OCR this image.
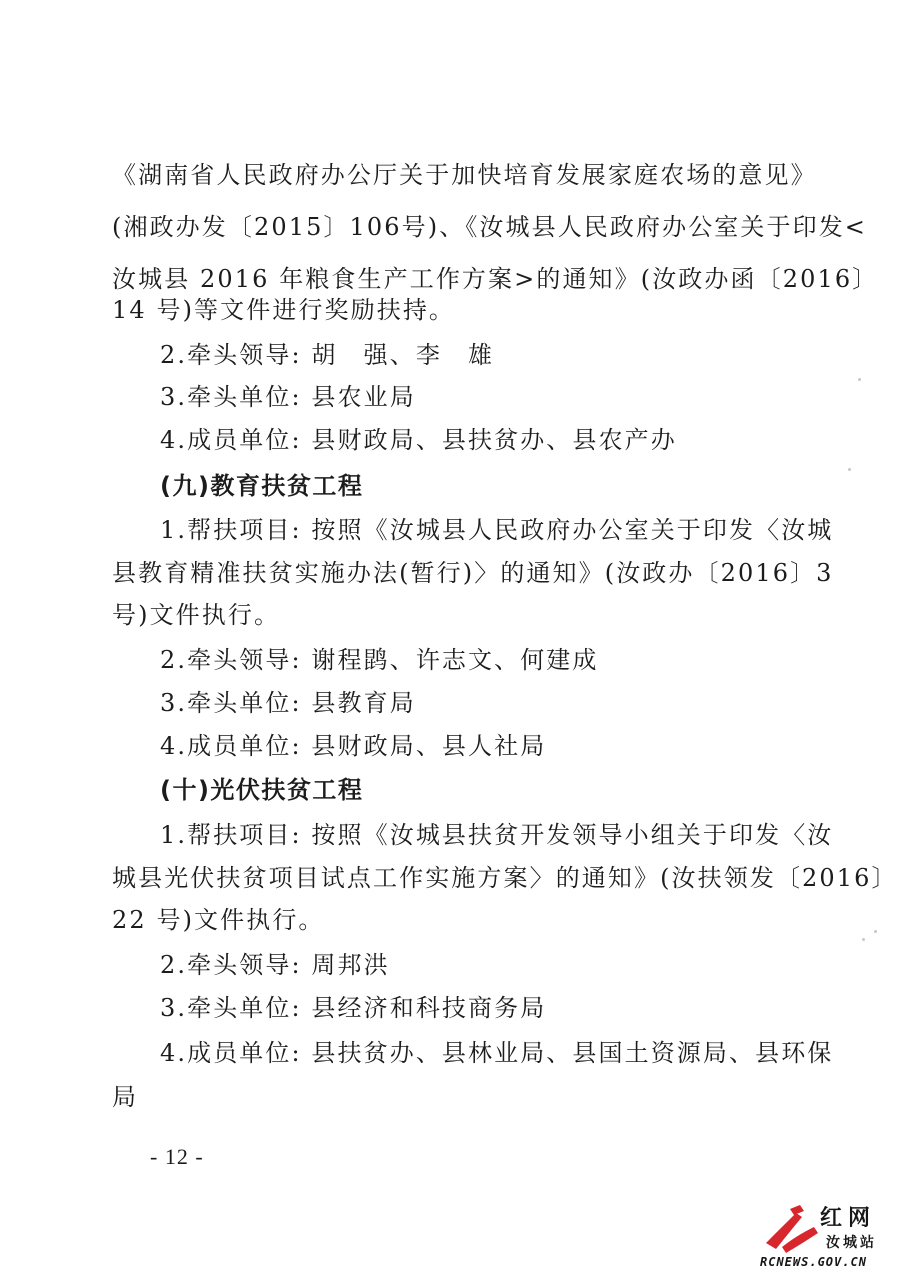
《湖南省人民政府办公厅关于加快培育发展家庭农场的意见》
(湘政办发〔2015〕106号)、《汝城县人民政府办公室关于印发<
汝城县 2016 年粮食生产工作方案>的通知》(汝政办函〔2016〕
14 号)等文件进行奖励扶持。
2.牵头领导: 胡　强、李　雄
3.牵头单位: 县农业局
4.成员单位: 县财政局、县扶贫办、县农产办
(九)教育扶贫工程
1.帮扶项目: 按照《汝城县人民政府办公室关于印发〈汝城
县教育精准扶贫实施办法(暂行)〉的通知》(汝政办〔2016〕3
号)文件执行。
2.牵头领导: 谢程鹍、许志文、何建成
3.牵头单位: 县教育局
4.成员单位: 县财政局、县人社局
(十)光伏扶贫工程
1.帮扶项目: 按照《汝城县扶贫开发领导小组关于印发〈汝
城县光伏扶贫项目试点工作实施方案〉的通知》(汝扶领发〔2016〕
22 号)文件执行。
2.牵头领导: 周邦洪
3.牵头单位: 县经济和科技商务局
4.成员单位: 县扶贫办、县林业局、县国土资源局、县环保
局
- 12 -
红网
汝城站
RCNEWS.GOV.CN
